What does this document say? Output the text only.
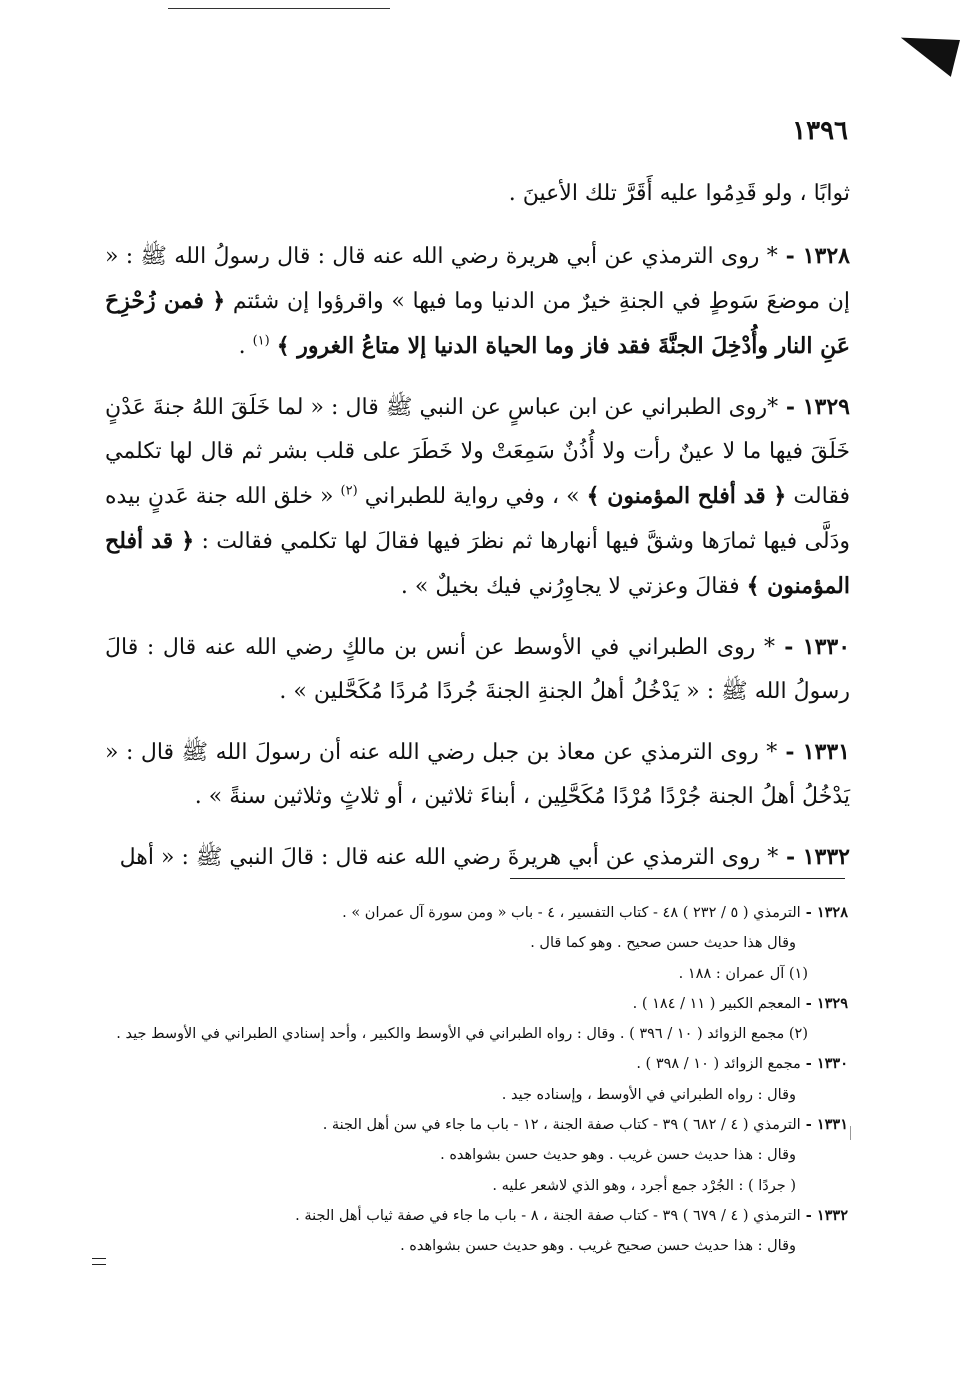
١٣٩٦

ثوابًا ، ولو قَدِمُوا عليه أَقَرَّ تلك الأعينَ .

١٣٢٨ - * روى الترمذي عن أبي هريرة رضي الله عنه قال : قال رسولُ الله ﷺ : « إن موضعَ سَوطٍ في الجنةِ خيرٌ من الدنيا وما فيها » واقرؤوا إن شئتم ﴿ فمن زُحْزِحَ عَنِ النار وأُدْخِلَ الجنَّةَ فقد فاز وما الحياة الدنيا إلا متاعُ الغرور ﴾ $^{(١)}$ .

١٣٢٩ - *روى الطبراني عن ابن عباسٍ عن النبي ﷺ قال : « لما خَلَقَ اللهُ جنةَ عَدْنٍ خَلَقَ فيها ما لا عينٌ رأت ولا أُذُنٌ سَمِعَتْ ولا خَطَرَ على قلب بشر ثم قال لها تكلمي فقالت ﴿ قد أفلح المؤمنون ﴾ » ، وفي رواية للطبراني $^{(٢)}$ « خلق الله جنة عَدنٍ بيده ودَلَّى فيها ثمارَها وشقَّ فيها أنهارها ثم نظرَ فيها فقالَ لها تكلمي فقالت : ﴿ قد أفلح المؤمنون ﴾ فقالَ وعزتي لا يجاوِرُني فيك بخيلٌ » .

١٣٣٠ - * روى الطبراني في الأوسط عن أنس بن مالكٍ رضي الله عنه قال : قالَ رسولُ الله ﷺ : « يَدْخُلُ أهلُ الجنةِ الجنةَ جُردًا مُردًا مُكَحَّلين » .

١٣٣١ - * روى الترمذي عن معاذ بن جبل رضي الله عنه أن رسولَ الله ﷺ قال : « يَدْخُلُ أهلُ الجنة جُرْدًا مُرْدًا مُكَحَّلِين ، أبناءَ ثلاثين ، أو ثلاثٍ وثلاثين سنةً » .

١٣٣٢ - * روى الترمذي عن أبي هريرةَ رضي الله عنه قال : قالَ النبي ﷺ : « أهل

١٣٢٨ - الترمذي ( ٥ / ٢٣٢ ) ٤٨ - كتاب التفسير ، ٤ - باب « ومن سورة آل عمران » .

وقال هذا حديث حسن صحيح . وهو كما قال .

(١) آل عمران : ١٨٨ .

١٣٢٩ - المعجم الكبير ( ١١ / ١٨٤ ) .

(٢) مجمع الزوائد ( ١٠ / ٣٩٦ ) . وقال : رواه الطبراني في الأوسط والكبير ، وأحد إسنادي الطبراني في الأوسط جيد .

١٣٣٠ - مجمع الزوائد ( ١٠ / ٣٩٨ ) .

وقال : رواه الطبراني في الأوسط ، وإسناده جيد .

١٣٣١ - الترمذي ( ٤ / ٦٨٢ ) ٣٩ - كتاب صفة الجنة ، ١٢ - باب ما جاء في سن أهل الجنة .

وقال : هذا حديث حسن غريب . وهو حديث حسن بشواهده .

( جردًا ) : الجُرْد جمع أجرد ، وهو الذي لاشعر عليه .

١٣٣٢ - الترمذي ( ٤ / ٦٧٩ ) ٣٩ - كتاب صفة الجنة ، ٨ - باب ما جاء في صفة ثياب أهل الجنة .

وقال : هذا حديث حسن صحيح غريب . وهو حديث حسن بشواهده .
